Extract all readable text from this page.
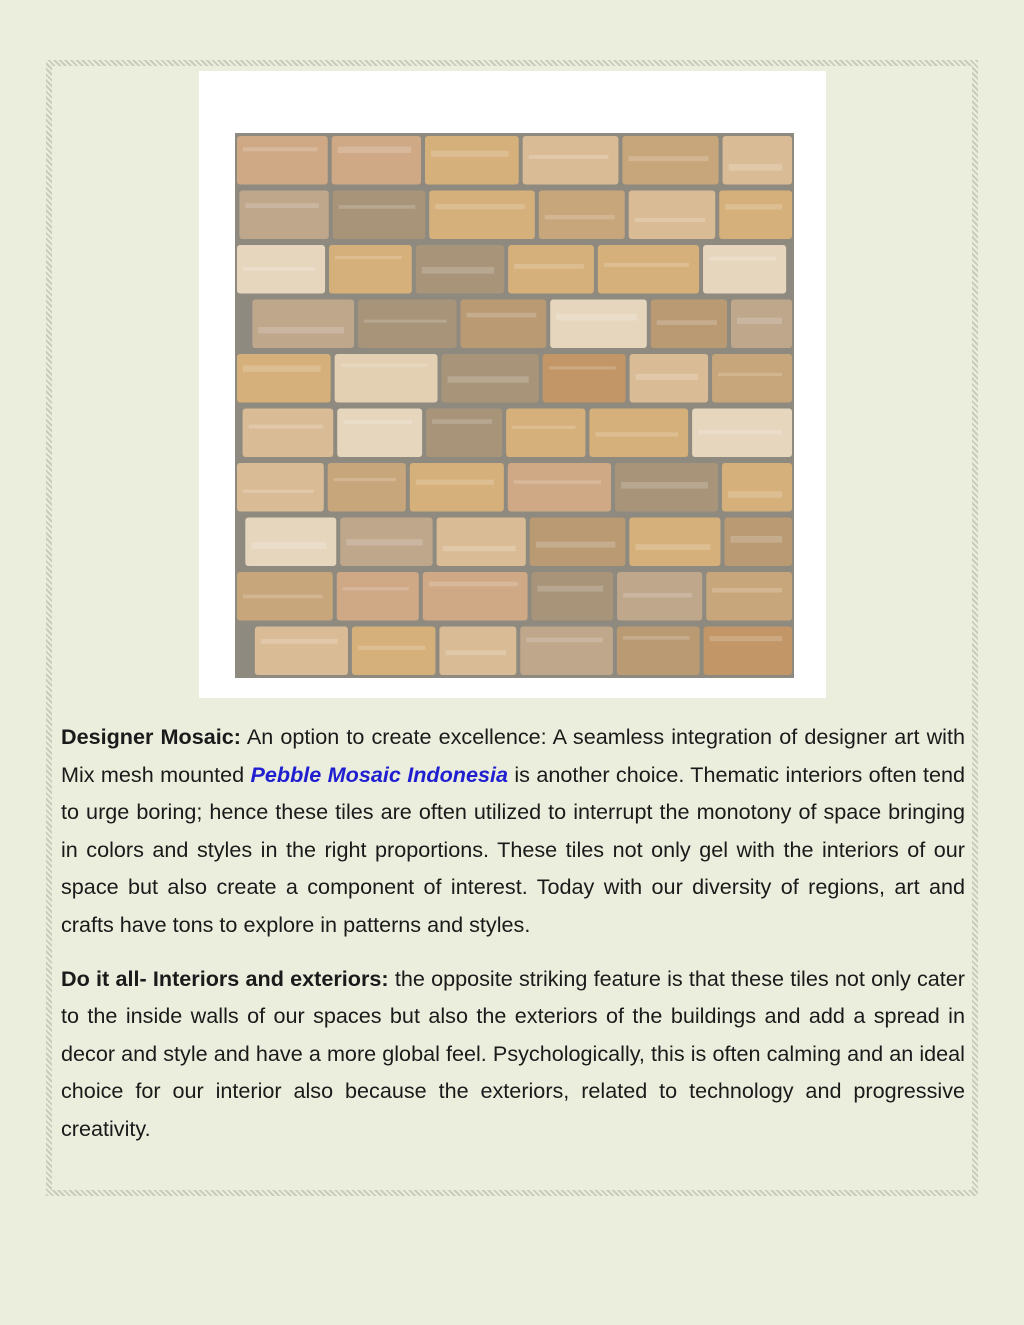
Designer Mosaic: An option to create excellence: A seamless integration of designer art with Mix mesh mounted Pebble Mosaic Indonesia is another choice. Thematic interiors often tend to urge boring; hence these tiles are often utilized to interrupt the monotony of space bringing in colors and styles in the right proportions. These tiles not only gel with the interiors of our space but also create a component of interest. Today with our diversity of regions, art and crafts have tons to explore in patterns and styles.

Do it all- Interiors and exteriors: the opposite striking feature is that these tiles not only cater to the inside walls of our spaces but also the exteriors of the buildings and add a spread in decor and style and have a more global feel. Psychologically, this is often calming and an ideal choice for our interior also because the exteriors, related to technology and progressive creativity.
